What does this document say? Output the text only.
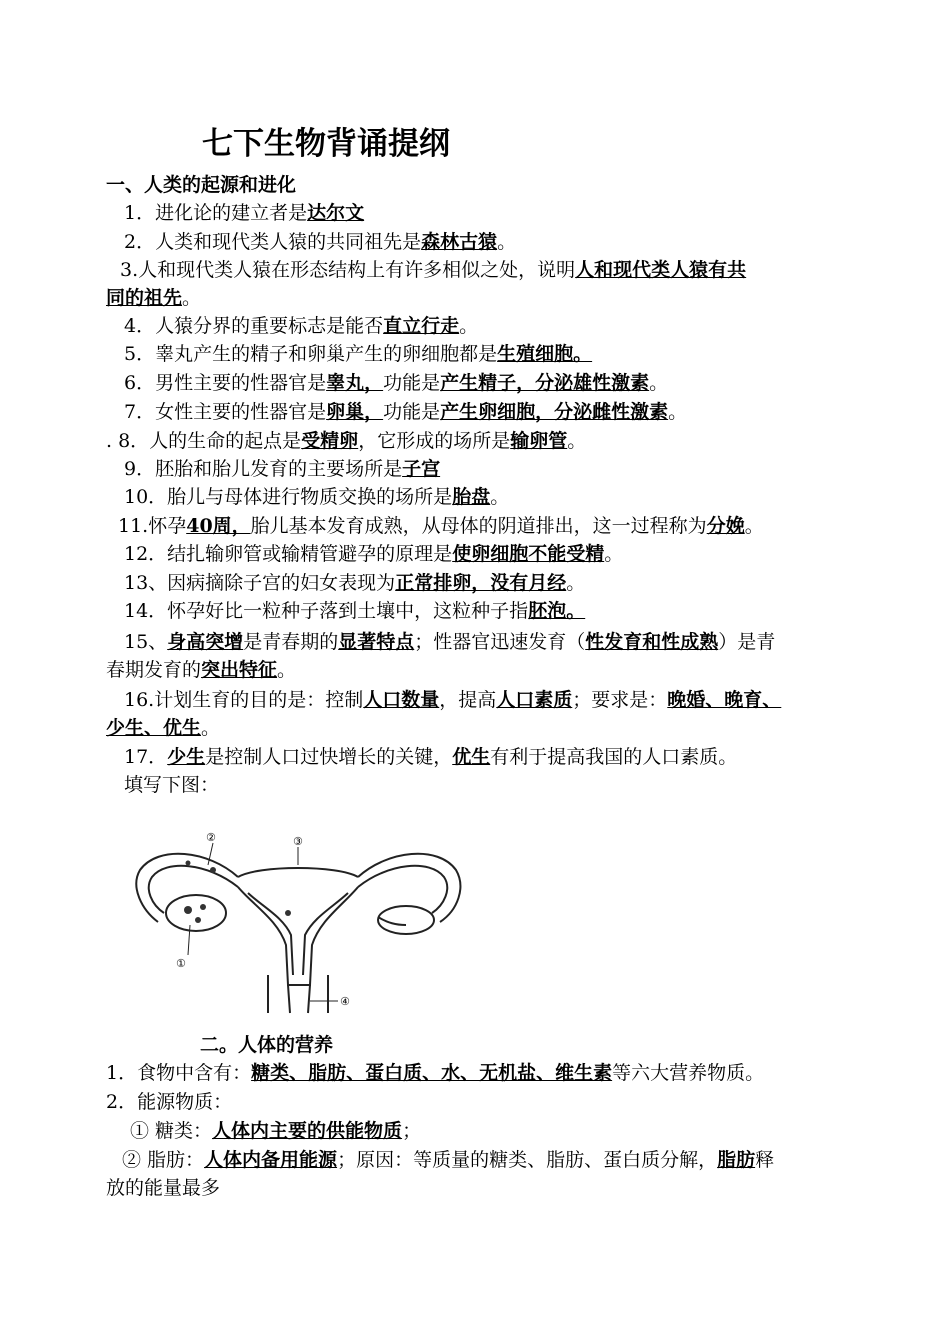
七下生物背诵提纲
一、人类的起源和进化
1．进化论的建立者是达尔文
2．人类和现代类人猿的共同祖先是森林古猿。
3.人和现代类人猿在形态结构上有许多相似之处，说明人和现代类人猿有共
同的祖先。
4．人猿分界的重要标志是能否直立行走。
5．睾丸产生的精子和卵巢产生的卵细胞都是生殖细胞。
6．男性主要的性器官是睾丸，功能是产生精子，分泌雄性激素。
7．女性主要的性器官是卵巢，功能是产生卵细胞，分泌雌性激素。
. 8．人的生命的起点是受精卵，它形成的场所是输卵管。
9．胚胎和胎儿发育的主要场所是子宫
10．胎儿与母体进行物质交换的场所是胎盘。
11.怀孕40周，胎儿基本发育成熟，从母体的阴道排出，这一过程称为分娩。
12．结扎输卵管或输精管避孕的原理是使卵细胞不能受精。
13、因病摘除子宫的妇女表现为正常排卵，没有月经。
14．怀孕好比一粒种子落到土壤中，这粒种子指胚泡。
15、身高突增是青春期的显著特点；性器官迅速发育（性发育和性成熟）是青
春期发育的突出特征。
16.计划生育的目的是：控制人口数量，提高人口素质；要求是：晚婚、晚育、
少生、优生。
17．少生是控制人口过快增长的关键，优生有利于提高我国的人口素质。
填写下图：
二。人体的营养
1．食物中含有：糖类、脂肪、蛋白质、水、无机盐、维生素等六大营养物质。
2．能源物质：
① 糖类：人体内主要的供能物质；
② 脂肪：人体内备用能源；原因：等质量的糖类、脂肪、蛋白质分解，脂肪释
放的能量最多
②	③
①
④
